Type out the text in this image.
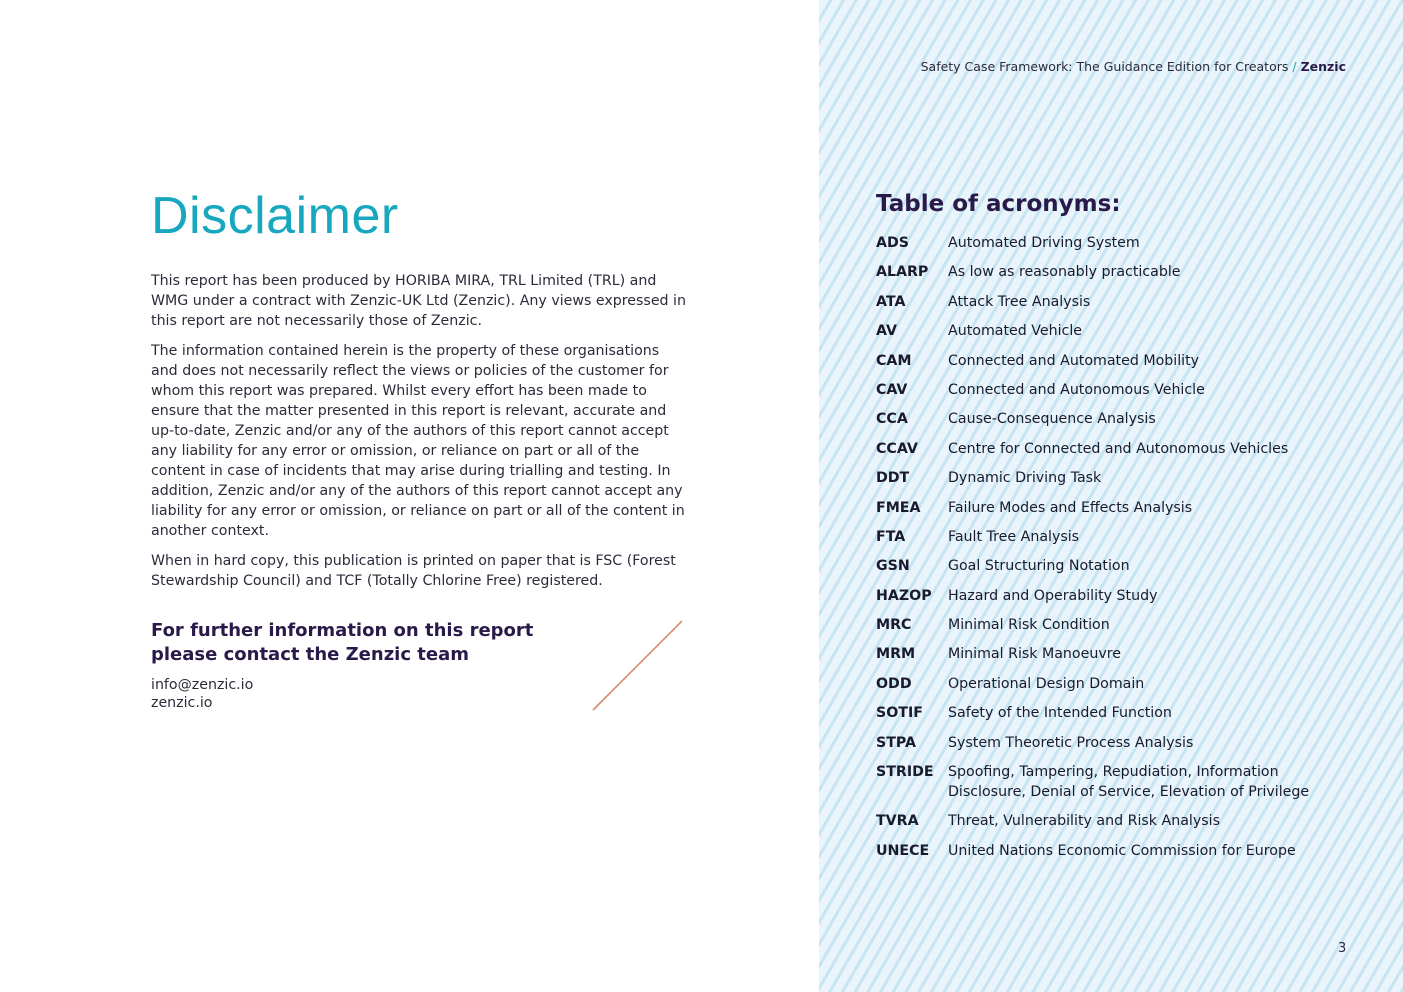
Disclaimer

This report has been produced by HORIBA MIRA, TRL Limited (TRL) and WMG under a contract with Zenzic-UK Ltd (Zenzic). Any views expressed in this report are not necessarily those of Zenzic.

The information contained herein is the property of these organisations and does not necessarily reflect the views or policies of the customer for whom this report was prepared. Whilst every effort has been made to ensure that the matter presented in this report is relevant, accurate and up-to-date, Zenzic and/or any of the authors of this report cannot accept any liability for any error or omission, or reliance on part or all of the content in case of incidents that may arise during trialling and testing. In addition, Zenzic and/or any of the authors of this report cannot accept any liability for any error or omission, or reliance on part or all of the content in another context.

When in hard copy, this publication is printed on paper that is FSC (Forest Stewardship Council) and TCF (Totally Chlorine Free) registered.

For further information on this report
please contact the Zenzic team
info@zenzic.io
zenzic.io
Safety Case Framework: The Guidance Edition for Creators / Zenzic
Table of acronyms:
ADS	Automated Driving System
ALARP	As low as reasonably practicable
ATA	Attack Tree Analysis
AV	Automated Vehicle
CAM	Connected and Automated Mobility
CAV	Connected and Autonomous Vehicle
CCA	Cause-Consequence Analysis
CCAV	Centre for Connected and Autonomous Vehicles
DDT	Dynamic Driving Task
FMEA	Failure Modes and Effects Analysis
FTA	Fault Tree Analysis
GSN	Goal Structuring Notation
HAZOP	Hazard and Operability Study
MRC	Minimal Risk Condition
MRM	Minimal Risk Manoeuvre
ODD	Operational Design Domain
SOTIF	Safety of the Intended Function
STPA	System Theoretic Process Analysis
STRIDE	Spoofing, Tampering, Repudiation, Information Disclosure, Denial of Service, Elevation of Privilege
TVRA	Threat, Vulnerability and Risk Analysis
UNECE	United Nations Economic Commission for Europe
3
